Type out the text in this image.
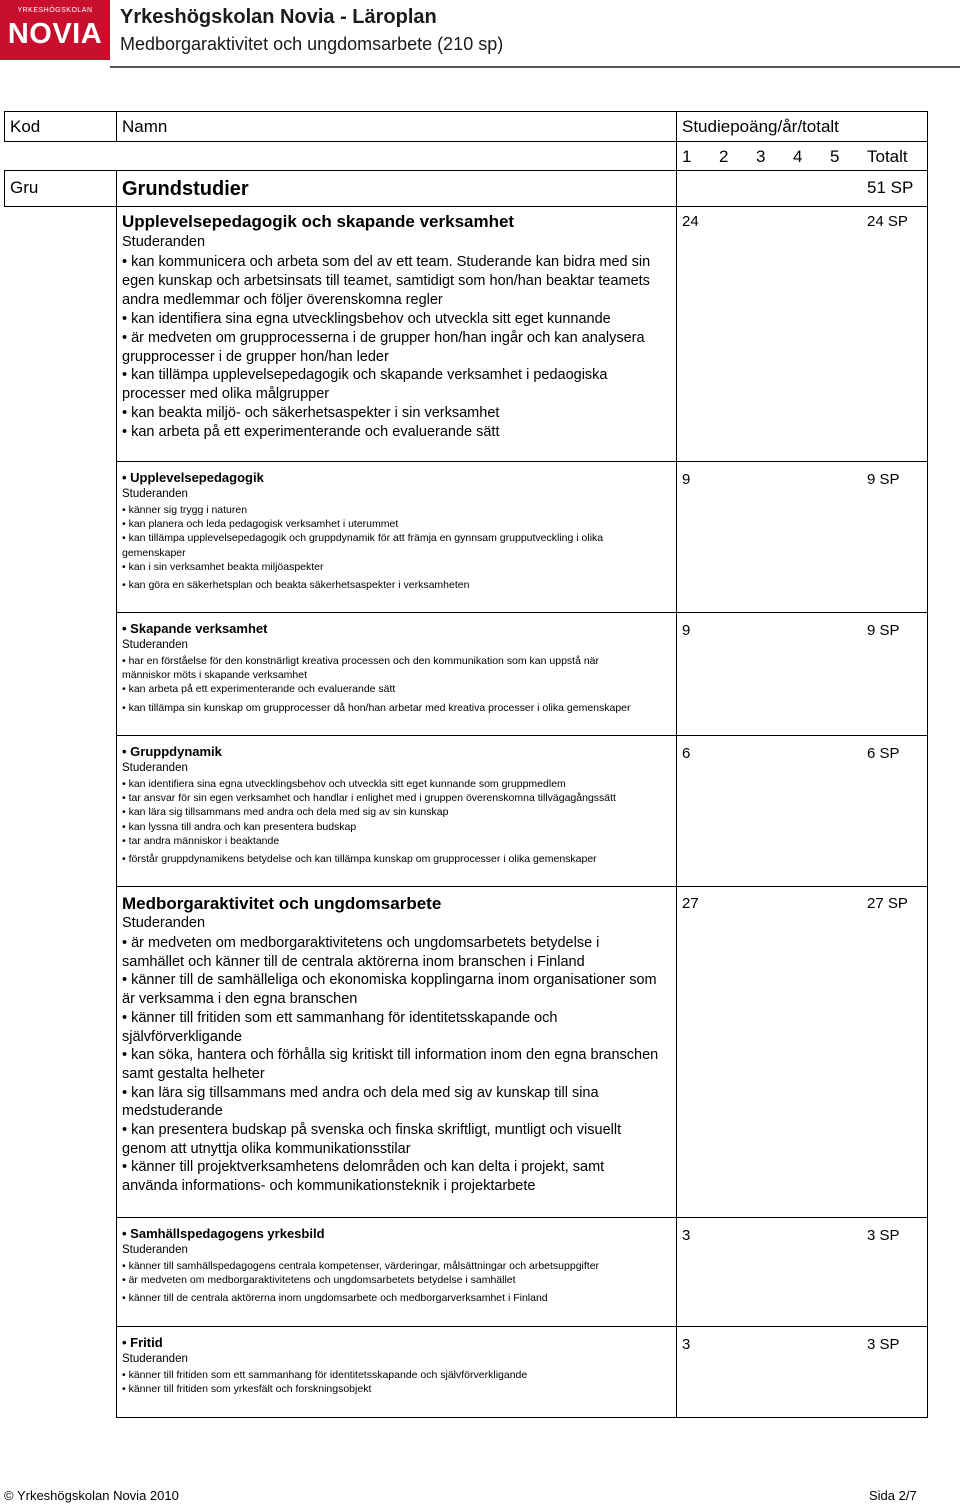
YRKESHÖGSKOLAN
NOVIA
Yrkeshögskolan Novia - Läroplan
Medborgaraktivitet och ungdomsarbete (210 sp)
Kod	Namn	Studiepoäng/år/totalt
1 2 3 4 5 Totalt
Gru	Grundstudier	51 SP
Upplevelsepedagogik och skapande verksamhet
Studeranden
• kan kommunicera och arbeta som del av ett team. Studerande kan bidra med sin
egen kunskap och arbetsinsats till teamet, samtidigt som hon/han beaktar teamets
andra medlemmar och följer överenskomna regler
• kan identifiera sina egna utvecklingsbehov och utveckla sitt eget kunnande
• är medveten om grupprocesserna i de grupper hon/han ingår och kan analysera
grupprocesser i de grupper hon/han leder
• kan tillämpa upplevelsepedagogik och skapande verksamhet i pedaogiska
processer med olika målgrupper
• kan beakta miljö- och säkerhetsaspekter i sin verksamhet
• kan arbeta på ett experimenterande och evaluerande sätt
24	24 SP
• Upplevelsepedagogik
Studeranden
• känner sig trygg i naturen
• kan planera och leda pedagogisk verksamhet i uterummet
• kan tillämpa upplevelsepedagogik och gruppdynamik för att främja en gynnsam grupputveckling i olika
gemenskaper
• kan i sin verksamhet beakta miljöaspekter
• kan göra en säkerhetsplan och beakta säkerhetsaspekter i verksamheten
9	9 SP
• Skapande verksamhet
Studeranden
• har en förståelse för den konstnärligt kreativa processen och den kommunikation som kan uppstå när
människor möts i skapande verksamhet
• kan arbeta på ett experimenterande och evaluerande sätt
• kan tillämpa sin kunskap om grupprocesser då hon/han arbetar med kreativa processer i olika gemenskaper
9	9 SP
• Gruppdynamik
Studeranden
• kan identifiera sina egna utvecklingsbehov och utveckla sitt eget kunnande som gruppmedlem
• tar ansvar för sin egen verksamhet och handlar i enlighet med i gruppen överenskomna tillvägagångssätt
• kan lära sig tillsammans med andra och dela med sig av sin kunskap
• kan lyssna till andra och kan presentera budskap
• tar andra människor i beaktande
• förstår gruppdynamikens betydelse och kan tillämpa kunskap om grupprocesser i olika gemenskaper
6	6 SP
Medborgaraktivitet och ungdomsarbete
Studeranden
• är medveten om medborgaraktivitetens och ungdomsarbetets betydelse i
samhället och känner till de centrala aktörerna inom branschen i Finland
• känner till de samhälleliga och ekonomiska kopplingarna inom organisationer som
är verksamma i den egna branschen
• känner till fritiden som ett sammanhang för identitetsskapande och
självförverkligande
• kan söka, hantera och förhålla sig kritiskt till information inom den egna branschen
samt gestalta helheter
• kan lära sig tillsammans med andra och dela med sig av kunskap till sina
medstuderande
• kan presentera budskap på svenska och finska skriftligt, muntligt och visuellt
genom att utnyttja olika kommunikationsstilar
• känner till projektverksamhetens delområden och kan delta i projekt, samt
använda informations- och kommunikationsteknik i projektarbete
27	27 SP
• Samhällspedagogens yrkesbild
Studeranden
• känner till samhällspedagogens centrala kompetenser, värderingar, målsättningar och arbetsuppgifter
• är medveten om medborgaraktivitetens och ungdomsarbetets betydelse i samhället
• känner till de centrala aktörerna inom ungdomsarbete och medborgarverksamhet i Finland
3	3 SP
• Fritid
Studeranden
• känner till fritiden som ett sammanhang för identitetsskapande och självförverkligande
• känner till fritiden som yrkesfält och forskningsobjekt
3	3 SP
© Yrkeshögskolan Novia 2010	Sida 2/7
